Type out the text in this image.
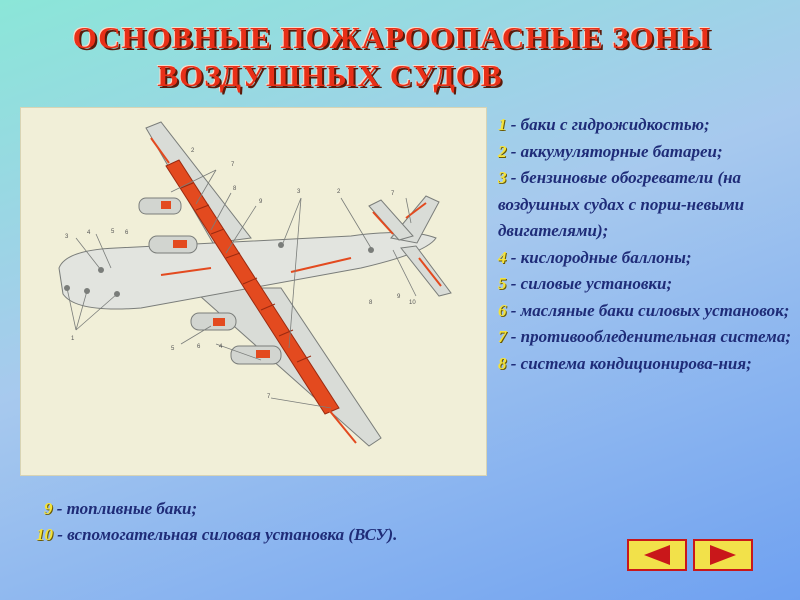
ОСНОВНЫЕ ПОЖАРООПАСНЫЕ ЗОНЫ
ВОЗДУШНЫХ СУДОВ
3
4	5 6
2
7
8
9
3	2	7
8
9
10
1
5	6	4
7
1 - баки с гидрожидкостью;
2 - аккумуляторные батареи;
3 - бензиновые обогреватели (на воздушных судах с порш-невыми двигателями);
4 - кислородные баллоны;
5 - силовые установки;
6 - масляные баки силовых установок;
7 - противообледенительная система;
8 - система кондиционирова-ния;
9 - топливные баки;
10 - вспомогательная силовая установка (ВСУ).
